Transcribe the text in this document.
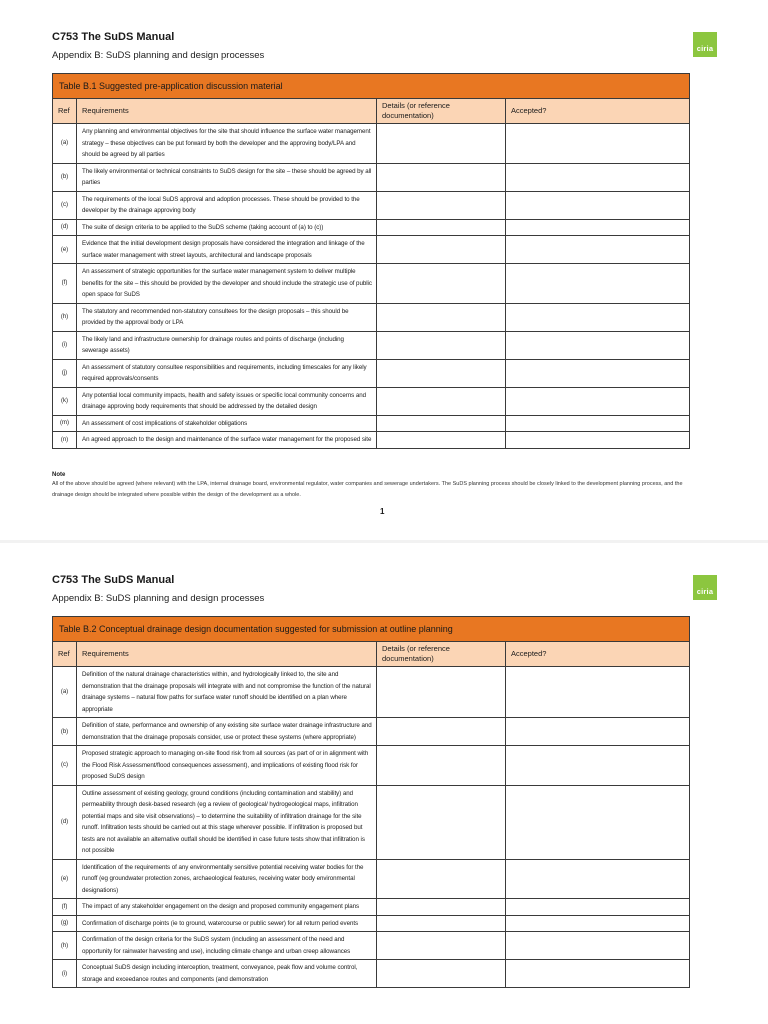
C753 The SuDS Manual
Appendix B: SuDS planning and design processes
ciria
Table B.1 Suggested pre-application discussion material			
Ref	Requirements	Details (or reference documentation)	Accepted?
(a)	Any planning and environmental objectives for the site that should influence the surface water management strategy – these objectives can be put forward by both the developer and the approving body/LPA and should be agreed by all parties		
(b)	The likely environmental or technical constraints to SuDS design for the site – these should be agreed by all parties		
(c)	The requirements of the local SuDS approval and adoption processes. These should be provided to the developer by the drainage approving body		
(d)	The suite of design criteria to be applied to the SuDS scheme (taking account of (a) to (c))		
(e)	Evidence that the initial development design proposals have considered the integration and linkage of the surface water management with street layouts, architectural and landscape proposals		
(f)	An assessment of strategic opportunities for the surface water management system to deliver multiple benefits for the site – this should be provided by the developer and should include the strategic use of public open space for SuDS		
(h)	The statutory and recommended non-statutory consultees for the design proposals – this should be provided by the approval body or LPA		
(i)	The likely land and infrastructure ownership for drainage routes and points of discharge (including sewerage assets)		
(j)	An assessment of statutory consultee responsibilities and requirements, including timescales for any likely required approvals/consents		
(k)	Any potential local community impacts, health and safety issues or specific local community concerns and drainage approving body requirements that should be addressed by the detailed design		
(m)	An assessment of cost implications of stakeholder obligations		
(n)	An agreed approach to the design and maintenance of the surface water management for the proposed site		
Note
All of the above should be agreed (where relevant) with the LPA, internal drainage board, environmental regulator, water companies and sewerage undertakers. The SuDS planning process should be closely linked to the development planning process, and the drainage design should be integrated where possible within the design of the development as a whole.
1
C753 The SuDS Manual
Appendix B: SuDS planning and design processes
ciria
Table B.2 Conceptual drainage design documentation suggested for submission at outline planning			
Ref	Requirements	Details (or reference documentation)	Accepted?
(a)	Definition of the natural drainage characteristics within, and hydrologically linked to, the site and demonstration that the drainage proposals will integrate with and not compromise the function of the natural drainage systems – natural flow paths for surface water runoff should be identified on a plan where appropriate		
(b)	Definition of state, performance and ownership of any existing site surface water drainage infrastructure and demonstration that the drainage proposals consider, use or protect these systems (where appropriate)		
(c)	Proposed strategic approach to managing on-site flood risk from all sources (as part of or in alignment with the Flood Risk Assessment/flood consequences assessment), and implications of existing flood risk for proposed SuDS design		
(d)	Outline assessment of existing geology, ground conditions (including contamination and stability) and permeability through desk-based research (eg a review of geological/ hydrogeological maps, infiltration potential maps and site visit observations) – to determine the suitability of infiltration drainage for the site runoff. Infiltration tests should be carried out at this stage wherever possible. If infiltration is proposed but tests are not available an alternative outfall should be identified in case future tests show that infiltration is not possible		
(e)	Identification of the requirements of any environmentally sensitive potential receiving water bodies for the runoff (eg groundwater protection zones, archaeological features, receiving water body environmental designations)		
(f)	The impact of any stakeholder engagement on the design and proposed community engagement plans		
(g)	Confirmation of discharge points (ie to ground, watercourse or public sewer) for all return period events		
(h)	Confirmation of the design criteria for the SuDS system (including an assessment of the need and opportunity for rainwater harvesting and use), including climate change and urban creep allowances		
(i)	Conceptual SuDS design including interception, treatment, conveyance, peak flow and volume control, storage and exceedance routes and components (and demonstration		
